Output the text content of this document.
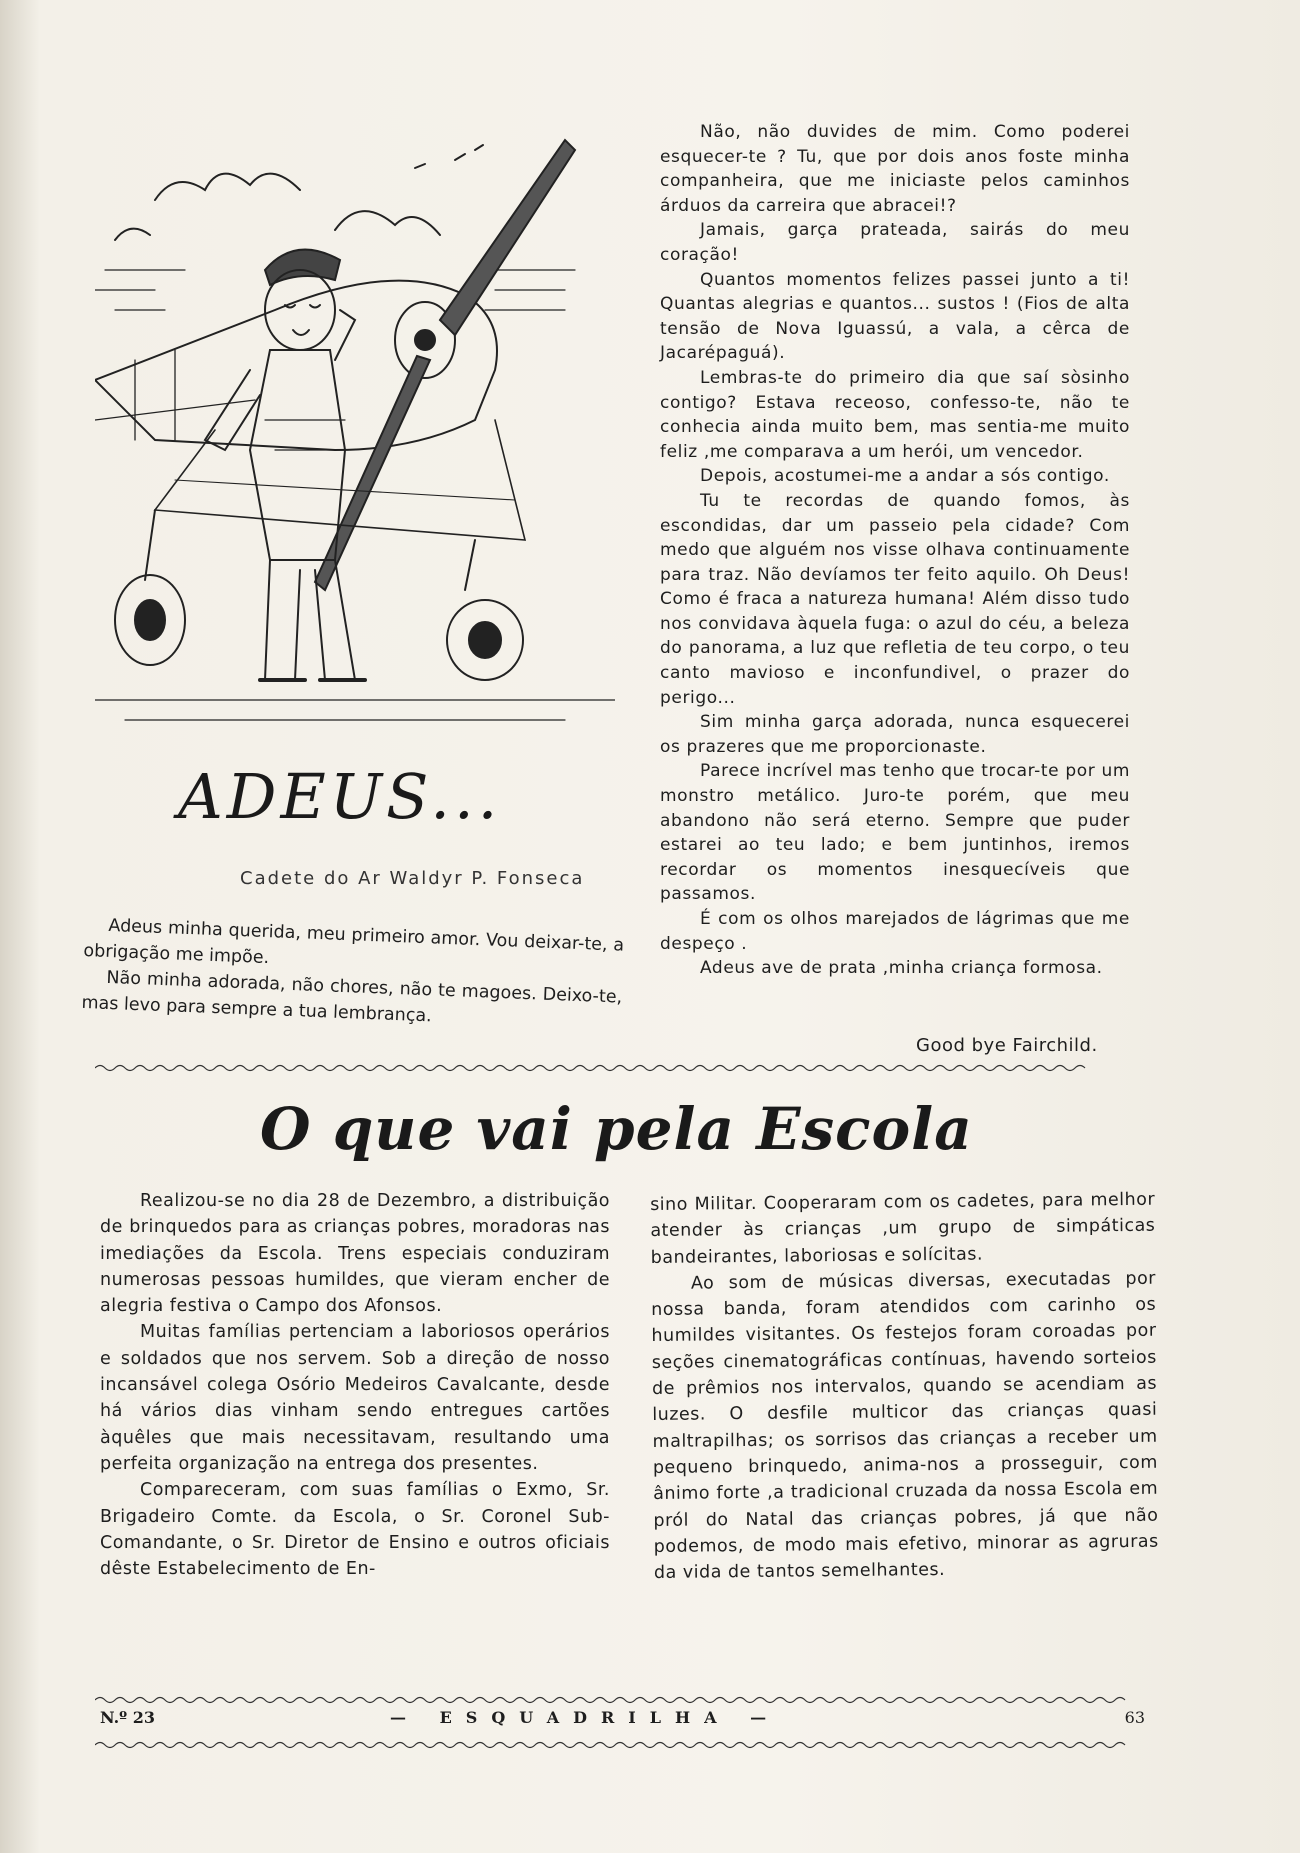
ADEUS...
Cadete do Ar Waldyr P. Fonseca

Adeus minha querida, meu primeiro amor. Vou deixar-te, a obrigação me impõe.

Não minha adorada, não chores, não te magoes. Deixo-te, mas levo para sempre a tua lembrança.

Não, não duvides de mim. Como poderei esquecer-te ? Tu, que por dois anos foste minha companheira, que me iniciaste pelos caminhos árduos da carreira que abracei!?

Jamais, garça prateada, sairás do meu coração!

Quantos momentos felizes passei junto a ti! Quantas alegrias e quantos... sustos ! (Fios de alta tensão de Nova Iguassú, a vala, a cêrca de Jacarépaguá).

Lembras-te do primeiro dia que saí sòsinho contigo? Estava receoso, confesso-te, não te conhecia ainda muito bem, mas sentia-me muito feliz ,me comparava a um herói, um vencedor.

Depois, acostumei-me a andar a sós contigo.

Tu te recordas de quando fomos, às escondidas, dar um passeio pela cidade? Com medo que alguém nos visse olhava continuamente para traz. Não devíamos ter feito aquilo. Oh Deus! Como é fraca a natureza humana! Além disso tudo nos convidava àquela fuga: o azul do céu, a beleza do panorama, a luz que refletia de teu corpo, o teu canto mavioso e inconfundivel, o prazer do perigo...

Sim minha garça adorada, nunca esquecerei os prazeres que me proporcionaste.

Parece incrível mas tenho que trocar-te por um monstro metálico. Juro-te porém, que meu abandono não será eterno. Sempre que puder estarei ao teu lado; e bem juntinhos, iremos recordar os momentos inesquecíveis que passamos.

É com os olhos marejados de lágrimas que me despeço .

Adeus ave de prata ,minha criança formosa.

Good bye Fairchild.
O que vai pela Escola

Realizou-se no dia 28 de Dezembro, a distribuição de brinquedos para as crianças pobres, moradoras nas imediações da Escola. Trens especiais conduziram numerosas pessoas humildes, que vieram encher de alegria festiva o Campo dos Afonsos.

Muitas famílias pertenciam a laboriosos operários e soldados que nos servem. Sob a direção de nosso incansável colega Osório Medeiros Cavalcante, desde há vários dias vinham sendo entregues cartões àquêles que mais necessitavam, resultando uma perfeita organização na entrega dos presentes.

Compareceram, com suas famílias o Exmo, Sr. Brigadeiro Comte. da Escola, o Sr. Coronel Sub-Comandante, o Sr. Diretor de Ensino e outros oficiais dêste Estabelecimento de En-

sino Militar. Cooperaram com os cadetes, para melhor atender às crianças ,um grupo de simpáticas bandeirantes, laboriosas e solícitas.

Ao som de músicas diversas, executadas por nossa banda, foram atendidos com carinho os humildes visitantes. Os festejos foram coroadas por seções cinematográficas contínuas, havendo sorteios de prêmios nos intervalos, quando se acendiam as luzes. O desfile multicor das crianças quasi maltrapilhas; os sorrisos das crianças a receber um pequeno brinquedo, anima-nos a prosseguir, com ânimo forte ,a tradicional cruzada da nossa Escola em pról do Natal das crianças pobres, já que não podemos, de modo mais efetivo, minorar as agruras da vida de tantos semelhantes.

N.º 23	— ESQUADRILHA —	63
